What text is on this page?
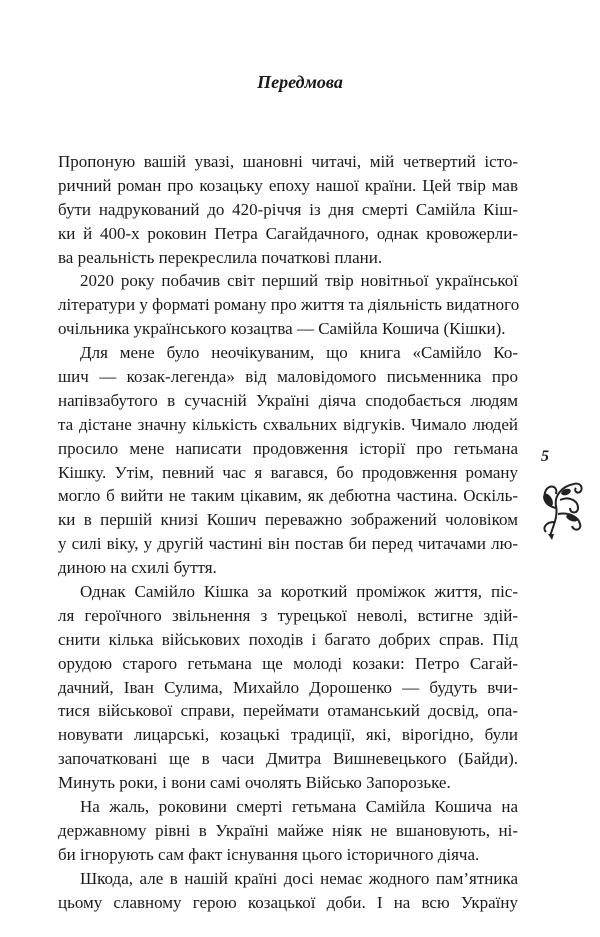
Передмова
Пропоную вашій увазі, шановні читачі, мій четвертий істо-
ричний роман про козацьку епоху нашої країни. Цей твір мав
бути надрукований до 420-річчя із дня смерті Самійла Кіш-
ки й 400-х роковин Петра Сагайдачного, однак кровожерли-
ва реальність перекреслила початкові плани.
2020 року побачив світ перший твір новітньої української
літератури у форматі роману про життя та діяльність видатного
очільника українського козацтва — Самійла Кошича (Кішки).
Для мене було неочікуваним, що книга «Самійло Ко-
шич — козак-легенда» від маловідомого письменника про
напівзабутого в сучасній Україні діяча сподобається людям
та дістане значну кількість схвальних відгуків. Чимало людей
просило мене написати продовження історії про гетьмана
Кішку. Утім, певний час я вагався, бо продовження роману
могло б вийти не таким цікавим, як дебютна частина. Оскіль-
ки в першій книзі Кошич переважно зображений чоловіком
у силі віку, у другій частині він постав би перед читачами лю-
диною на схилі буття.
Однак Самійло Кішка за короткий проміжок життя, піс-
ля героїчного звільнення з турецької неволі, встигне здій-
снити кілька військових походів і багато добрих справ. Під
орудою старого гетьмана ще молоді козаки: Петро Сагай-
дачний, Іван Сулима, Михайло Дорошенко — будуть вчи-
тися військової справи, переймати отаманський досвід, опа-
новувати лицарські, козацькі традиції, які, вірогідно, були
започатковані ще в часи Дмитра Вишневецького (Байди).
Минуть роки, і вони самі очолять Військо Запорозьке.
На жаль, роковини смерті гетьмана Самійла Кошича на
державному рівні в Україні майже ніяк не вшановують, ні-
би ігнорують сам факт існування цього історичного діяча.
Шкода, але в нашій країні досі немає жодного пам’ятника
цьому славному герою козацької доби. І на всю Україну
5
